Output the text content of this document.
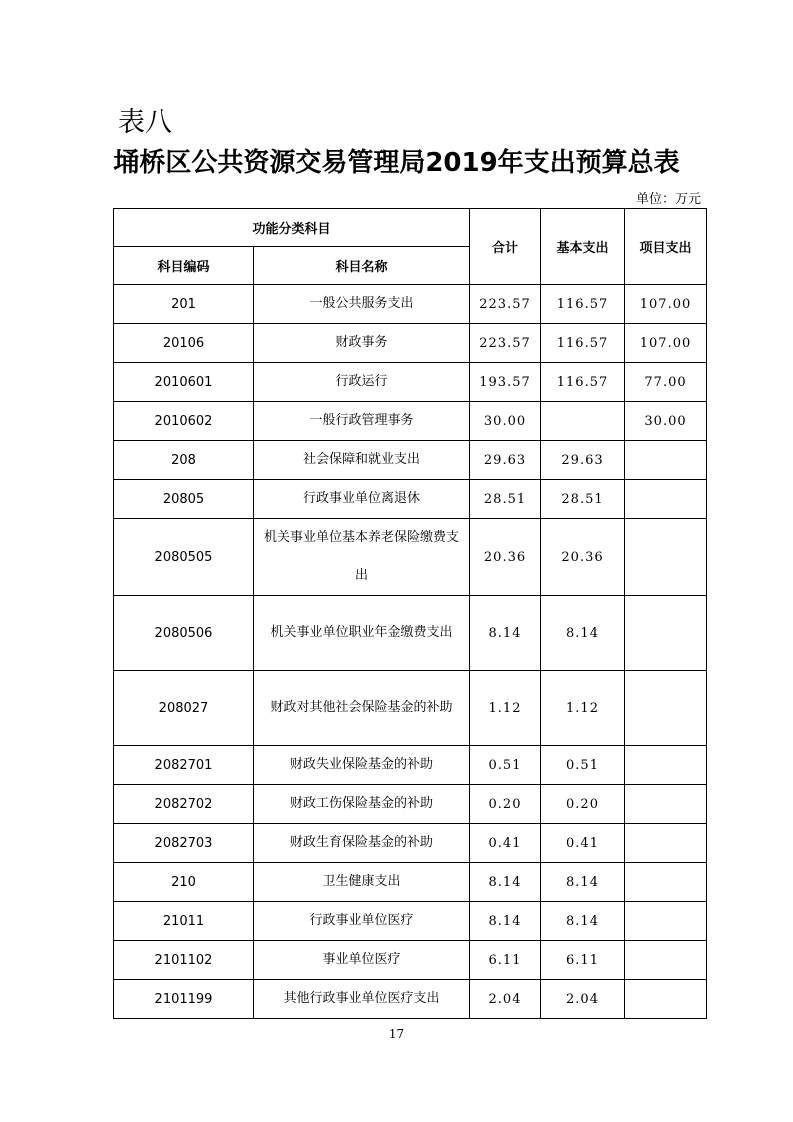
表八
埇桥区公共资源交易管理局2019年支出预算总表
单位：万元
功能分类科目		合计	基本支出	项目支出
科目编码	科目名称			
201	一般公共服务支出	223.57	116.57	107.00
20106	财政事务	223.57	116.57	107.00
2010601	行政运行	193.57	116.57	77.00
2010602	一般行政管理事务	30.00		30.00
208	社会保障和就业支出	29.63	29.63	
20805	行政事业单位离退休	28.51	28.51	
2080505	机关事业单位基本养老保险缴费支出	20.36	20.36	
2080506	机关事业单位职业年金缴费支出	8.14	8.14	
208027	财政对其他社会保险基金的补助	1.12	1.12	
2082701	财政失业保险基金的补助	0.51	0.51	
2082702	财政工伤保险基金的补助	0.20	0.20	
2082703	财政生育保险基金的补助	0.41	0.41	
210	卫生健康支出	8.14	8.14	
21011	行政事业单位医疗	8.14	8.14	
2101102	事业单位医疗	6.11	6.11	
2101199	其他行政事业单位医疗支出	2.04	2.04	
17
